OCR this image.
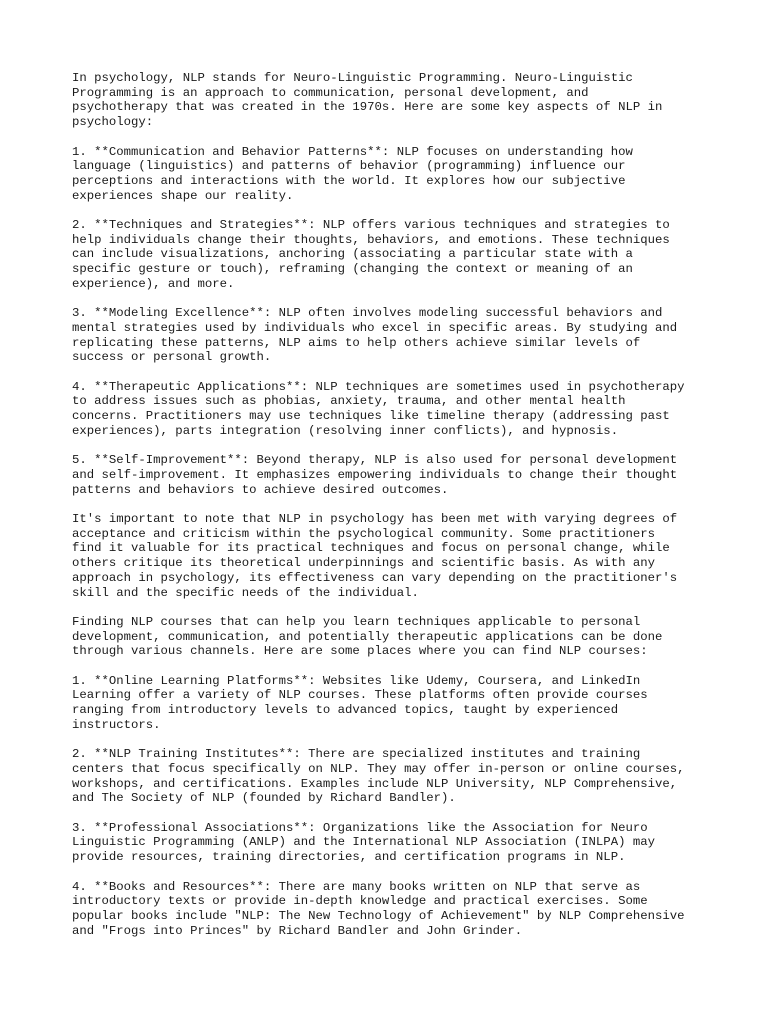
In psychology, NLP stands for Neuro-Linguistic Programming. Neuro-Linguistic
Programming is an approach to communication, personal development, and
psychotherapy that was created in the 1970s. Here are some key aspects of NLP in
psychology:

1. **Communication and Behavior Patterns**: NLP focuses on understanding how
language (linguistics) and patterns of behavior (programming) influence our
perceptions and interactions with the world. It explores how our subjective
experiences shape our reality.

2. **Techniques and Strategies**: NLP offers various techniques and strategies to
help individuals change their thoughts, behaviors, and emotions. These techniques
can include visualizations, anchoring (associating a particular state with a
specific gesture or touch), reframing (changing the context or meaning of an
experience), and more.

3. **Modeling Excellence**: NLP often involves modeling successful behaviors and
mental strategies used by individuals who excel in specific areas. By studying and
replicating these patterns, NLP aims to help others achieve similar levels of
success or personal growth.

4. **Therapeutic Applications**: NLP techniques are sometimes used in psychotherapy
to address issues such as phobias, anxiety, trauma, and other mental health
concerns. Practitioners may use techniques like timeline therapy (addressing past
experiences), parts integration (resolving inner conflicts), and hypnosis.

5. **Self-Improvement**: Beyond therapy, NLP is also used for personal development
and self-improvement. It emphasizes empowering individuals to change their thought
patterns and behaviors to achieve desired outcomes.

It's important to note that NLP in psychology has been met with varying degrees of
acceptance and criticism within the psychological community. Some practitioners
find it valuable for its practical techniques and focus on personal change, while
others critique its theoretical underpinnings and scientific basis. As with any
approach in psychology, its effectiveness can vary depending on the practitioner's
skill and the specific needs of the individual.

Finding NLP courses that can help you learn techniques applicable to personal
development, communication, and potentially therapeutic applications can be done
through various channels. Here are some places where you can find NLP courses:

1. **Online Learning Platforms**: Websites like Udemy, Coursera, and LinkedIn
Learning offer a variety of NLP courses. These platforms often provide courses
ranging from introductory levels to advanced topics, taught by experienced
instructors.

2. **NLP Training Institutes**: There are specialized institutes and training
centers that focus specifically on NLP. They may offer in-person or online courses,
workshops, and certifications. Examples include NLP University, NLP Comprehensive,
and The Society of NLP (founded by Richard Bandler).

3. **Professional Associations**: Organizations like the Association for Neuro
Linguistic Programming (ANLP) and the International NLP Association (INLPA) may
provide resources, training directories, and certification programs in NLP.

4. **Books and Resources**: There are many books written on NLP that serve as
introductory texts or provide in-depth knowledge and practical exercises. Some
popular books include "NLP: The New Technology of Achievement" by NLP Comprehensive
and "Frogs into Princes" by Richard Bandler and John Grinder.
